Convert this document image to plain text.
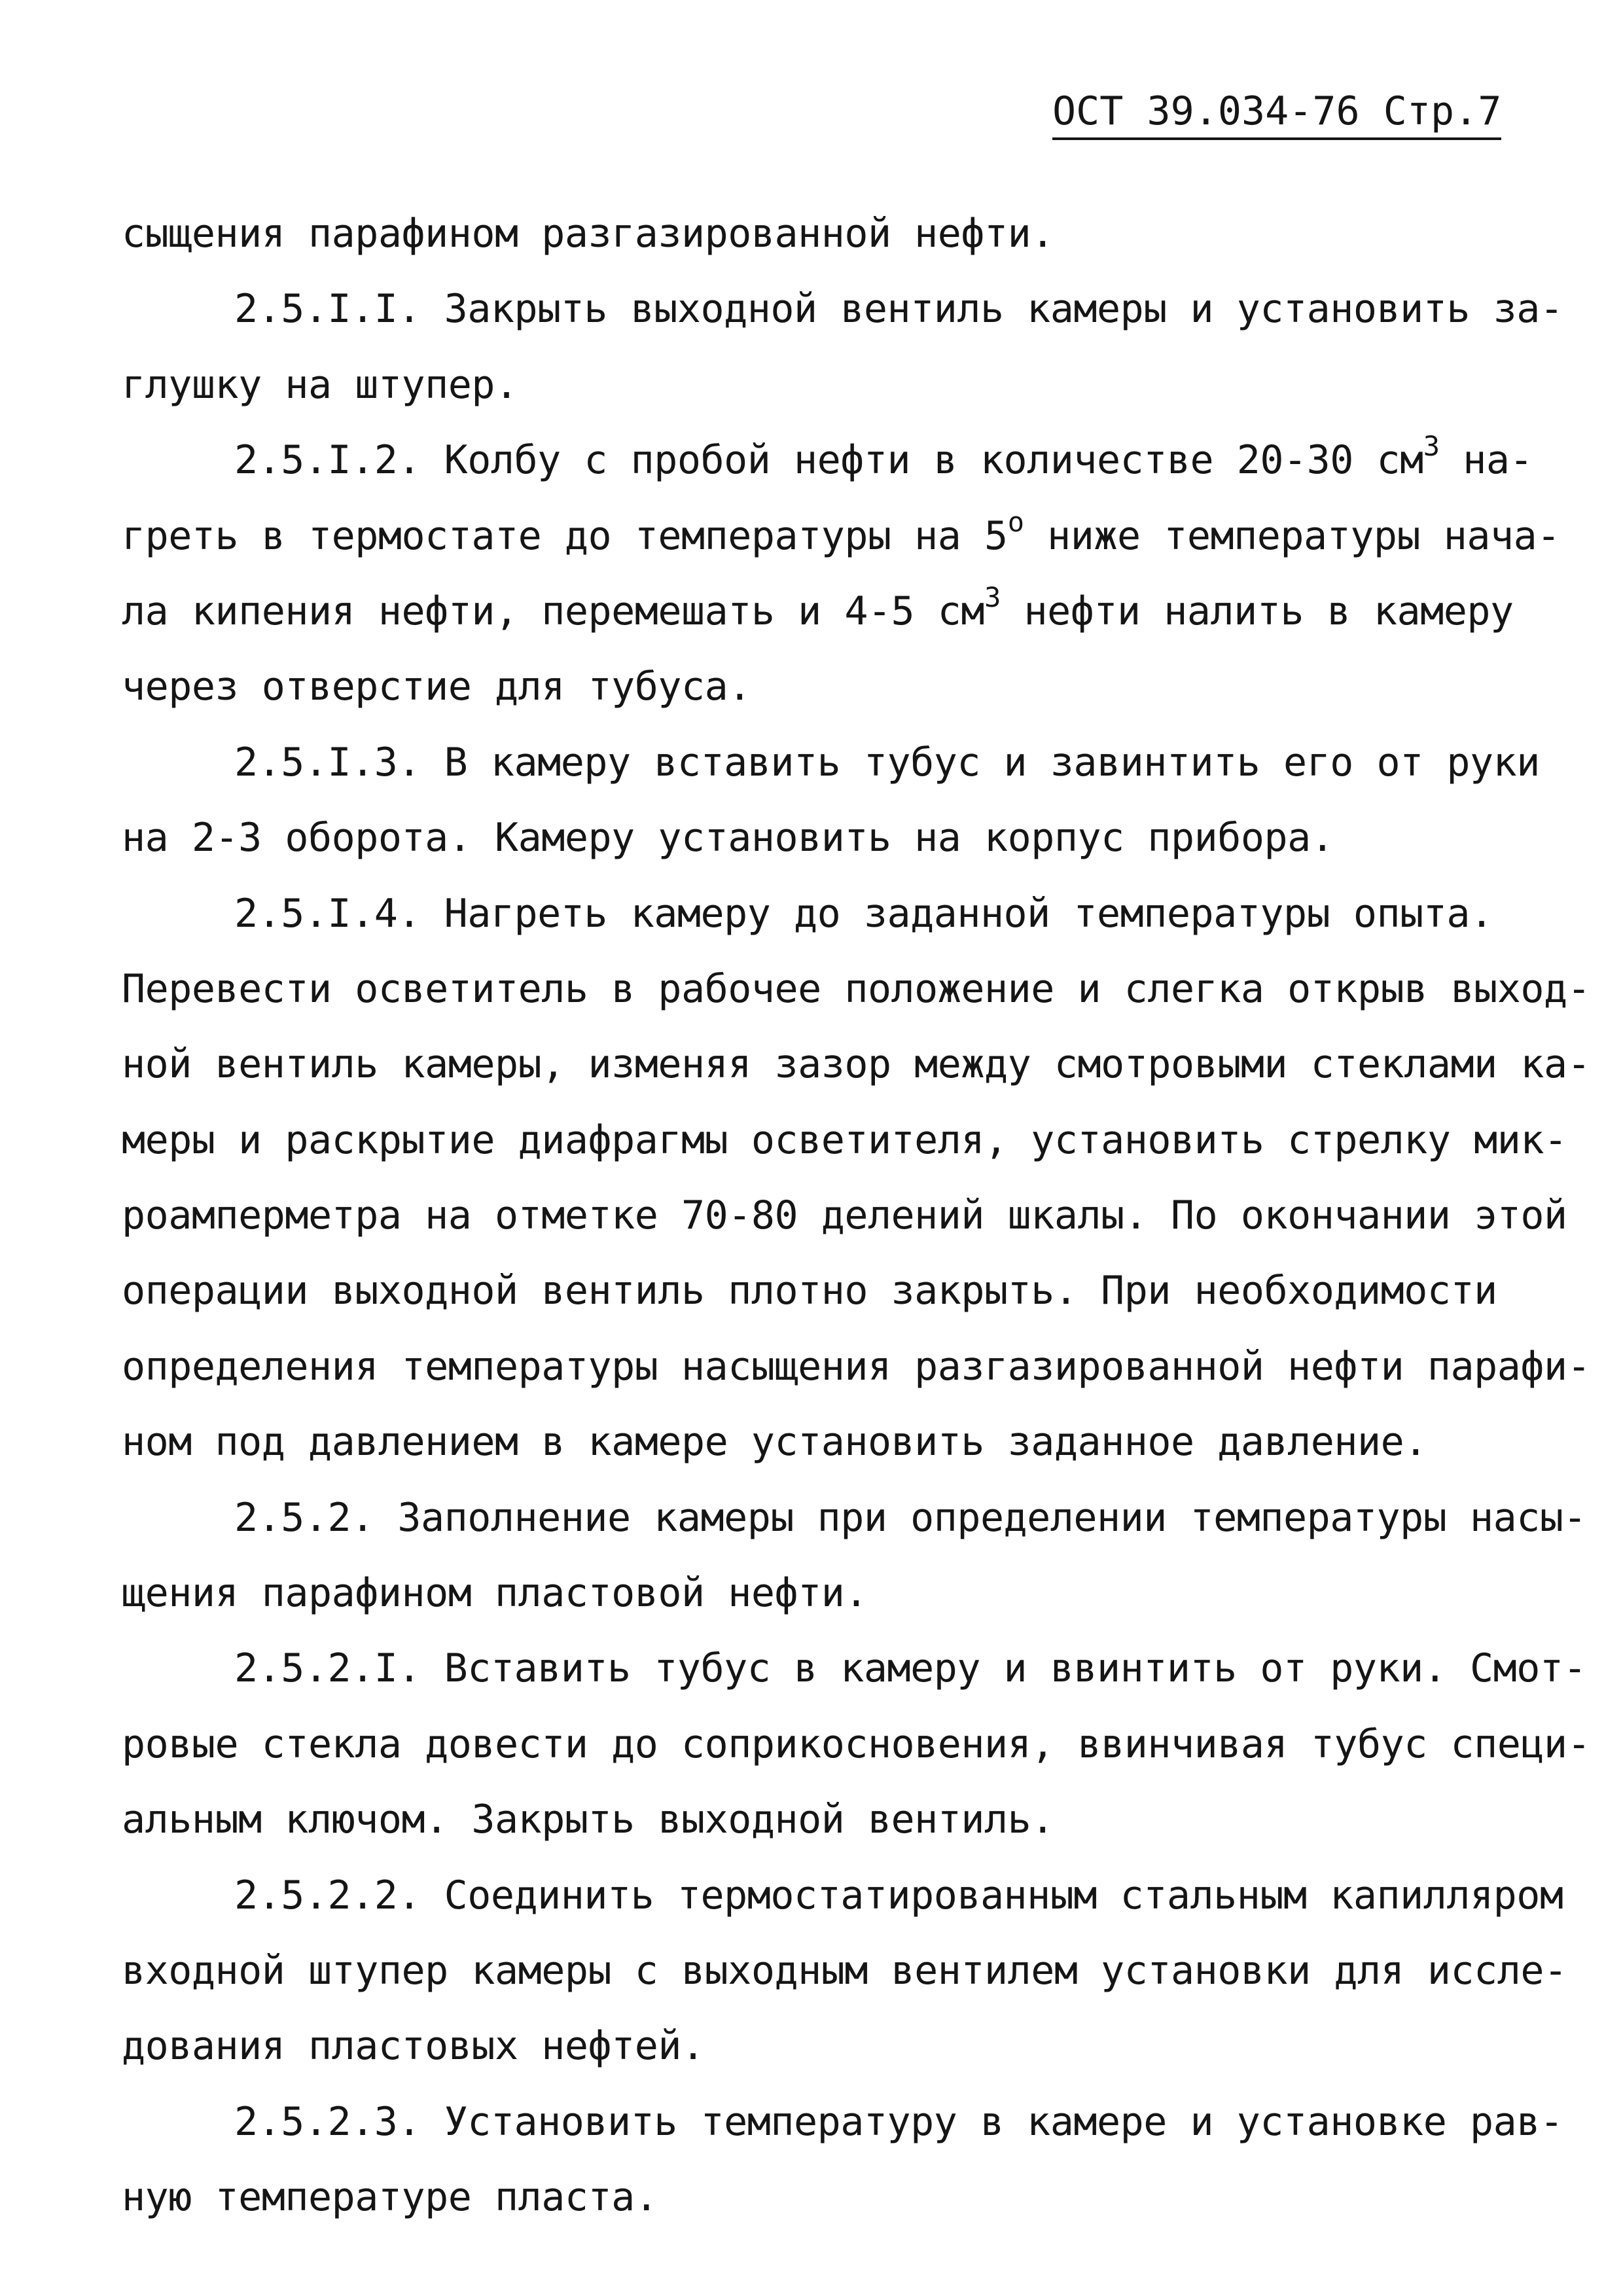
ОСТ 39.034-76 Стр.7
сыщения парафином разгазированной нефти.
2.5.I.I. Закрыть выходной вентиль камеры и установить за-
глушку на штупер.
2.5.I.2. Колбу с пробой нефти в количестве 20-30 $см^3$ на-
греть в термостате до температуры на $5^о$ ниже температуры нача-
ла кипения нефти, перемешать и 4-5 $см^3$ нефти налить в камеру
через отверстие для тубуса.
2.5.I.3. В камеру вставить тубус и завинтить его от руки
на 2-3 оборота. Камеру установить на корпус прибора.
2.5.I.4. Нагреть камеру до заданной температуры опыта.
Перевести осветитель в рабочее положение и слегка открыв выход-
ной вентиль камеры, изменяя зазор между смотровыми стеклами ка-
меры и раскрытие диафрагмы осветителя, установить стрелку мик-
роамперметра на отметке 70-80 делений шкалы. По окончании этой
операции выходной вентиль плотно закрыть. При необходимости
определения температуры насыщения разгазированной нефти парафи-
ном под давлением в камере установить заданное давление.
2.5.2. Заполнение камеры при определении температуры насы-
щения парафином пластовой нефти.
2.5.2.I. Вставить тубус в камеру и ввинтить от руки. Смот-
ровые стекла довести до соприкосновения, ввинчивая тубус специ-
альным ключом. Закрыть выходной вентиль.
2.5.2.2. Соединить термостатированным стальным капилляром
входной штупер камеры с выходным вентилем установки для иссле-
дования пластовых нефтей.
2.5.2.3. Установить температуру в камере и установке рав-
ную температуре пласта.
